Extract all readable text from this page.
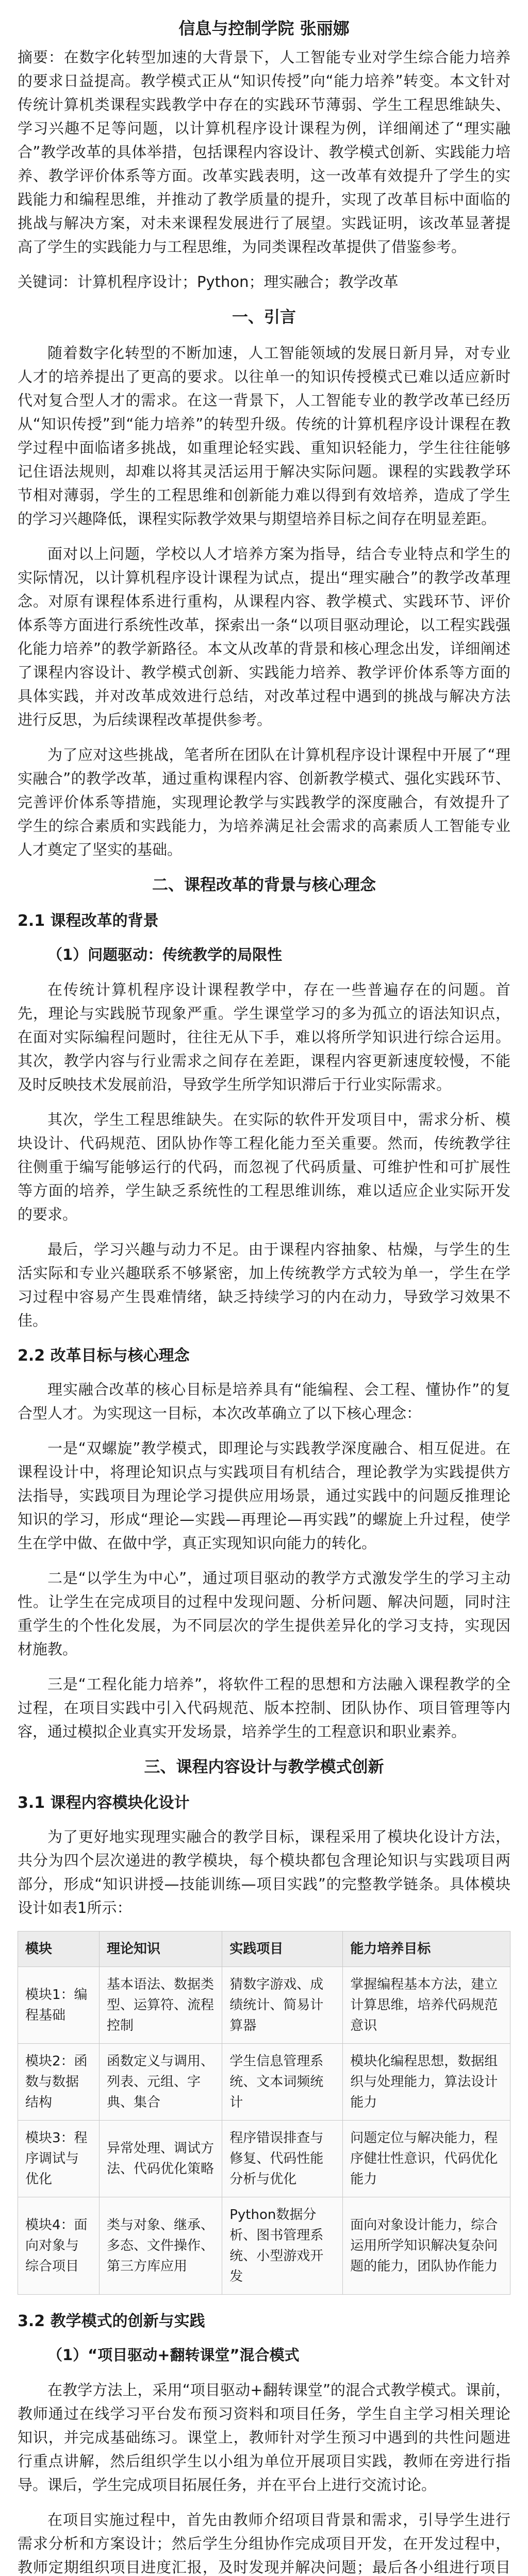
信息与控制学院 张丽娜

摘要：在数字化转型加速的大背景下，人工智能专业对学生综合能力培养的要求日益提高。教学模式正从“知识传授”向“能力培养”转变。本文针对传统计算机类课程实践教学中存在的实践环节薄弱、学生工程思维缺失、学习兴趣不足等问题，以计算机程序设计课程为例，详细阐述了“理实融合”教学改革的具体举措，包括课程内容设计、教学模式创新、实践能力培养、教学评价体系等方面。改革实践表明，这一改革有效提升了学生的实践能力和编程思维，并推动了教学质量的提升，实现了改革目标中面临的挑战与解决方案，对未来课程发展进行了展望。实践证明，该改革显著提高了学生的实践能力与工程思维，为同类课程改革提供了借鉴参考。

关键词：计算机程序设计；Python；理实融合；教学改革

一、引言

随着数字化转型的不断加速，人工智能领域的发展日新月异，对专业人才的培养提出了更高的要求。以往单一的知识传授模式已难以适应新时代对复合型人才的需求。在这一背景下，人工智能专业的教学改革已经历从“知识传授”到“能力培养”的转型升级。传统的计算机程序设计课程在教学过程中面临诸多挑战，如重理论轻实践、重知识轻能力，学生往往能够记住语法规则，却难以将其灵活运用于解决实际问题。课程的实践教学环节相对薄弱，学生的工程思维和创新能力难以得到有效培养，造成了学生的学习兴趣降低，课程实际教学效果与期望培养目标之间存在明显差距。

面对以上问题，学校以人才培养方案为指导，结合专业特点和学生的实际情况，以计算机程序设计课程为试点，提出“理实融合”的教学改革理念。对原有课程体系进行重构，从课程内容、教学模式、实践环节、评价体系等方面进行系统性改革，探索出一条“以项目驱动理论，以工程实践强化能力培养”的教学新路径。本文从改革的背景和核心理念出发，详细阐述了课程内容设计、教学模式创新、实践能力培养、教学评价体系等方面的具体实践，并对改革成效进行总结，对改革过程中遇到的挑战与解决方法进行反思，为后续课程改革提供参考。

为了应对这些挑战，笔者所在团队在计算机程序设计课程中开展了“理实融合”的教学改革，通过重构课程内容、创新教学模式、强化实践环节、完善评价体系等措施，实现理论教学与实践教学的深度融合，有效提升了学生的综合素质和实践能力，为培养满足社会需求的高素质人工智能专业人才奠定了坚实的基础。

二、课程改革的背景与核心理念
2.1 课程改革的背景

（1）问题驱动：传统教学的局限性

在传统计算机程序设计课程教学中，存在一些普遍存在的问题。首先，理论与实践脱节现象严重。学生课堂学习的多为孤立的语法知识点，在面对实际编程问题时，往往无从下手，难以将所学知识进行综合运用。其次，教学内容与行业需求之间存在差距，课程内容更新速度较慢，不能及时反映技术发展前沿，导致学生所学知识滞后于行业实际需求。

其次，学生工程思维缺失。在实际的软件开发项目中，需求分析、模块设计、代码规范、团队协作等工程化能力至关重要。然而，传统教学往往侧重于编写能够运行的代码，而忽视了代码质量、可维护性和可扩展性等方面的培养，学生缺乏系统性的工程思维训练，难以适应企业实际开发的要求。

最后，学习兴趣与动力不足。由于课程内容抽象、枯燥，与学生的生活实际和专业兴趣联系不够紧密，加上传统教学方式较为单一，学生在学习过程中容易产生畏难情绪，缺乏持续学习的内在动力，导致学习效果不佳。

2.2 改革目标与核心理念

理实融合改革的核心目标是培养具有“能编程、会工程、懂协作”的复合型人才。为实现这一目标，本次改革确立了以下核心理念：

一是“双螺旋”教学模式，即理论与实践教学深度融合、相互促进。在课程设计中，将理论知识点与实践项目有机结合，理论教学为实践提供方法指导，实践项目为理论学习提供应用场景，通过实践中的问题反推理论知识的学习，形成“理论—实践—再理论—再实践”的螺旋上升过程，使学生在学中做、在做中学，真正实现知识向能力的转化。

二是“以学生为中心”，通过项目驱动的教学方式激发学生的学习主动性。让学生在完成项目的过程中发现问题、分析问题、解决问题，同时注重学生的个性化发展，为不同层次的学生提供差异化的学习支持，实现因材施教。

三是“工程化能力培养”，将软件工程的思想和方法融入课程教学的全过程，在项目实践中引入代码规范、版本控制、团队协作、项目管理等内容，通过模拟企业真实开发场景，培养学生的工程意识和职业素养。

三、课程内容设计与教学模式创新
3.1 课程内容模块化设计

为了更好地实现理实融合的教学目标，课程采用了模块化设计方法，共分为四个层次递进的教学模块，每个模块都包含理论知识与实践项目两部分，形成“知识讲授—技能训练—项目实践”的完整教学链条。具体模块设计如表1所示：

模块	理论知识	实践项目	能力培养目标
模块1：编程基础	基本语法、数据类型、运算符、流程控制	猜数字游戏、成绩统计、简易计算器	掌握编程基本方法，建立计算思维，培养代码规范意识
模块2：函数与数据结构	函数定义与调用、列表、元组、字典、集合	学生信息管理系统、文本词频统计	模块化编程思想，数据组织与处理能力，算法设计能力
模块3：程序调试与优化	异常处理、调试方法、代码优化策略	程序错误排查与修复、代码性能分析与优化	问题定位与解决能力，程序健壮性意识，代码优化能力
模块4：面向对象与综合项目	类与对象、继承、多态、文件操作、第三方库应用	Python数据分析、图书管理系统、小型游戏开发	面向对象设计能力，综合运用所学知识解决复杂问题的能力，团队协作能力
3.2 教学模式的创新与实践

（1）“项目驱动+翻转课堂”混合模式

在教学方法上，采用“项目驱动+翻转课堂”的混合式教学模式。课前，教师通过在线学习平台发布预习资料和项目任务，学生自主学习相关理论知识，并完成基础练习。课堂上，教师针对学生预习中遇到的共性问题进行重点讲解，然后组织学生以小组为单位开展项目实践，教师在旁进行指导。课后，学生完成项目拓展任务，并在平台上进行交流讨论。

在项目实施过程中，首先由教师介绍项目背景和需求，引导学生进行需求分析和方案设计；然后学生分组协作完成项目开发，在开发过程中，教师定期组织项目进度汇报，及时发现并解决问题；最后各小组进行项目
